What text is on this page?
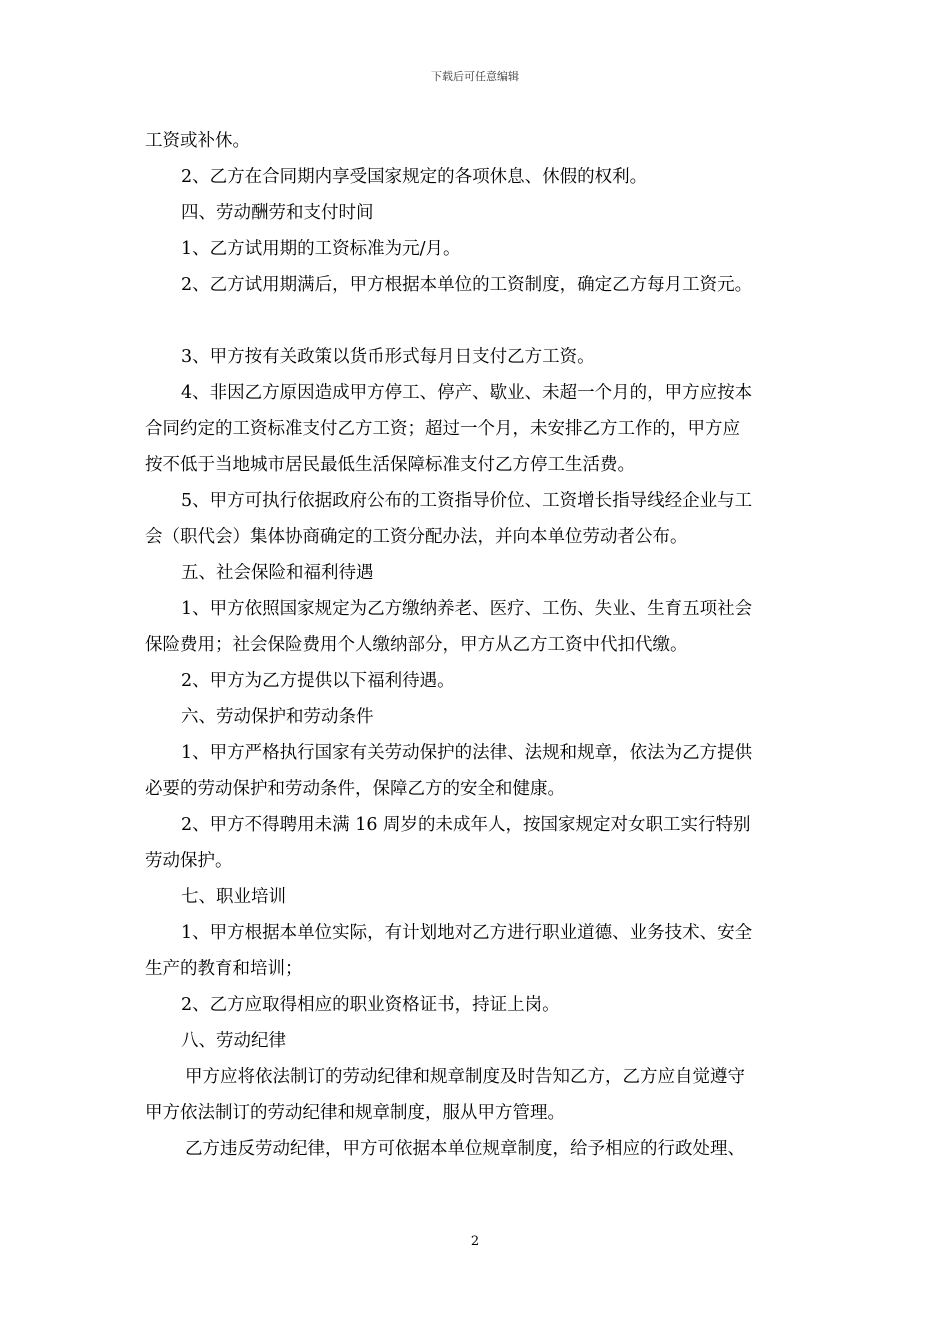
下载后可任意编辑
工资或补休。
2、乙方在合同期内享受国家规定的各项休息、休假的权利。
四、劳动酬劳和支付时间
1、乙方试用期的工资标准为元/月。
2、乙方试用期满后，甲方根据本单位的工资制度，确定乙方每月工资元。
3、甲方按有关政策以货币形式每月日支付乙方工资。
4、非因乙方原因造成甲方停工、停产、歇业、未超一个月的，甲方应按本
合同约定的工资标准支付乙方工资；超过一个月，未安排乙方工作的，甲方应
按不低于当地城市居民最低生活保障标准支付乙方停工生活费。
5、甲方可执行依据政府公布的工资指导价位、工资增长指导线经企业与工
会（职代会）集体协商确定的工资分配办法，并向本单位劳动者公布。
五、社会保险和福利待遇
1、甲方依照国家规定为乙方缴纳养老、医疗、工伤、失业、生育五项社会
保险费用；社会保险费用个人缴纳部分，甲方从乙方工资中代扣代缴。
2、甲方为乙方提供以下福利待遇。
六、劳动保护和劳动条件
1、甲方严格执行国家有关劳动保护的法律、法规和规章，依法为乙方提供
必要的劳动保护和劳动条件，保障乙方的安全和健康。
2、甲方不得聘用未满 16 周岁的未成年人，按国家规定对女职工实行特别
劳动保护。
七、职业培训
1、甲方根据本单位实际，有计划地对乙方进行职业道德、业务技术、安全
生产的教育和培训；
2、乙方应取得相应的职业资格证书，持证上岗。
八、劳动纪律
甲方应将依法制订的劳动纪律和规章制度及时告知乙方，乙方应自觉遵守
甲方依法制订的劳动纪律和规章制度，服从甲方管理。
乙方违反劳动纪律，甲方可依据本单位规章制度，给予相应的行政处理、
2
